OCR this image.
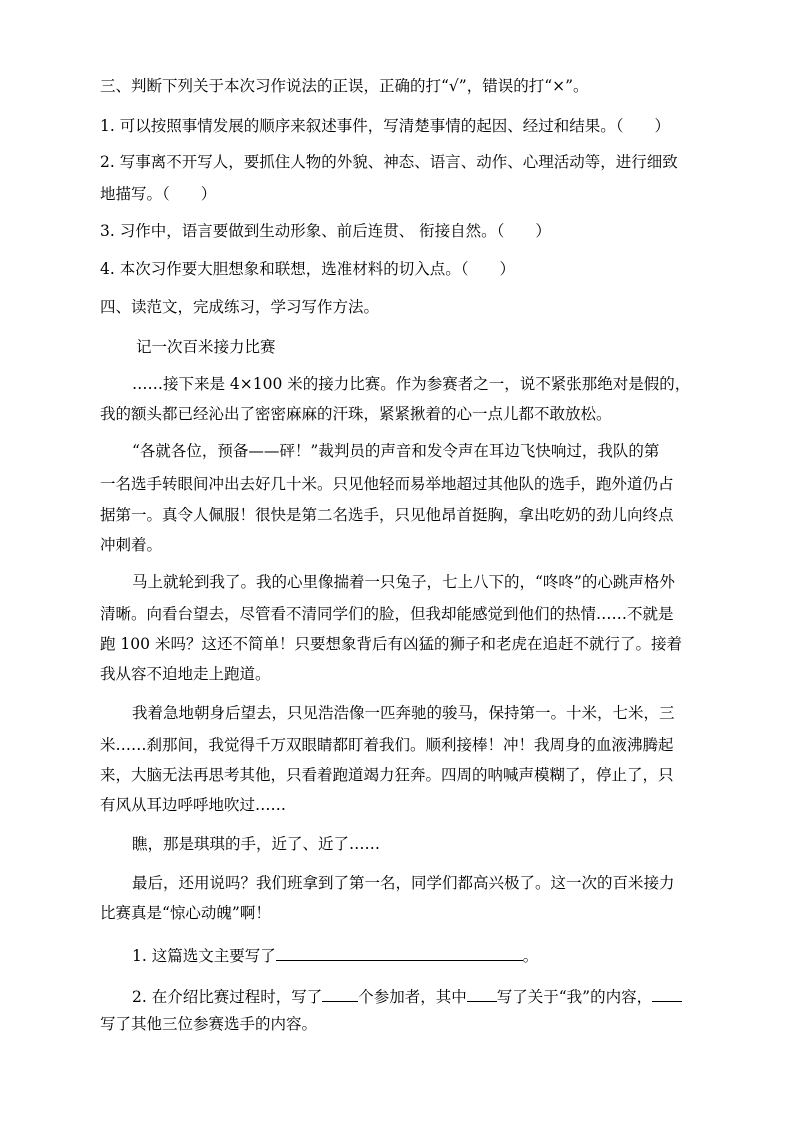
三、判断下列关于本次习作说法的正误，正确的打“√”，错误的打“×”。
1. 可以按照事情发展的顺序来叙述事件，写清楚事情的起因、经过和结果。（　　）
2. 写事离不开写人，要抓住人物的外貌、神态、语言、动作、心理活动等，进行细致
地描写。（　　）
3. 习作中，语言要做到生动形象、前后连贯、 衔接自然。（　　）
4. 本次习作要大胆想象和联想，选准材料的切入点。（　　）
四、读范文，完成练习，学习写作方法。
记一次百米接力比赛
……接下来是 4×100 米的接力比赛。作为参赛者之一，说不紧张那绝对是假的，
我的额头都已经沁出了密密麻麻的汗珠，紧紧揪着的心一点儿都不敢放松。
“各就各位，预备——砰！”裁判员的声音和发令声在耳边飞快响过，我队的第
一名选手转眼间冲出去好几十米。只见他轻而易举地超过其他队的选手，跑外道仍占
据第一。真令人佩服！很快是第二名选手，只见他昂首挺胸，拿出吃奶的劲儿向终点
冲刺着。
马上就轮到我了。我的心里像揣着一只兔子，七上八下的，“咚咚”的心跳声格外
清晰。向看台望去，尽管看不清同学们的脸，但我却能感觉到他们的热情……不就是
跑 100 米吗？这还不简单！只要想象背后有凶猛的狮子和老虎在追赶不就行了。接着
我从容不迫地走上跑道。
我着急地朝身后望去，只见浩浩像一匹奔驰的骏马，保持第一。十米，七米，三
米……刹那间，我觉得千万双眼睛都盯着我们。顺利接棒！冲！我周身的血液沸腾起
来，大脑无法再思考其他，只看着跑道竭力狂奔。四周的呐喊声模糊了，停止了，只
有风从耳边呼呼地吹过……
瞧，那是琪琪的手，近了、近了……
最后，还用说吗？我们班拿到了第一名，同学们都高兴极了。这一次的百米接力
比赛真是“惊心动魄”啊！
1. 这篇选文主要写了	。
2. 在介绍比赛过程时，写了 个参加者，其中 写了关于“我”的内容，
写了其他三位参赛选手的内容。
